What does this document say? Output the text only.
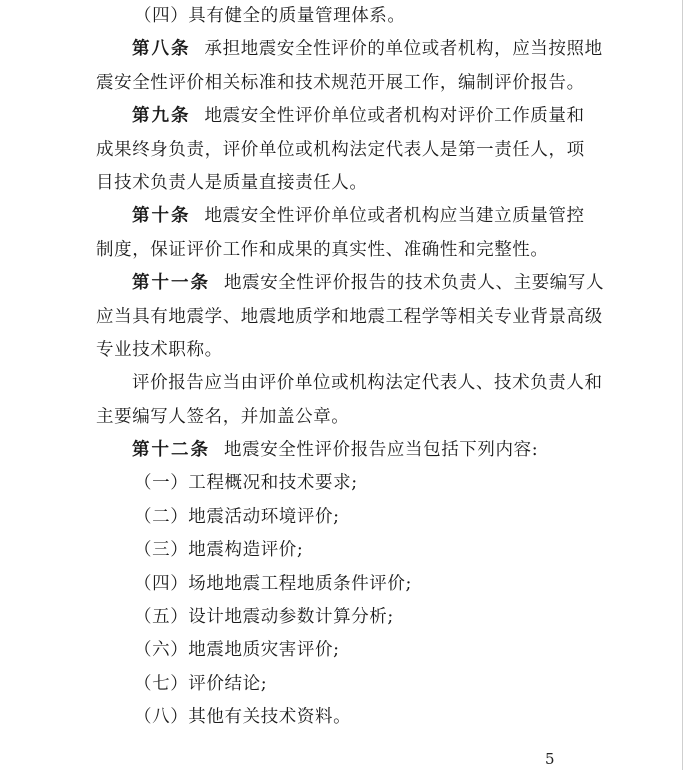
（四）具有健全的质量管理体系。
第八条 承担地震安全性评价的单位或者机构，应当按照地
震安全性评价相关标准和技术规范开展工作，编制评价报告。
第九条 地震安全性评价单位或者机构对评价工作质量和
成果终身负责，评价单位或机构法定代表人是第一责任人，项
目技术负责人是质量直接责任人。
第十条 地震安全性评价单位或者机构应当建立质量管控
制度，保证评价工作和成果的真实性、准确性和完整性。
第十一条 地震安全性评价报告的技术负责人、主要编写人
应当具有地震学、地震地质学和地震工程学等相关专业背景高级
专业技术职称。
评价报告应当由评价单位或机构法定代表人、技术负责人和
主要编写人签名，并加盖公章。
第十二条 地震安全性评价报告应当包括下列内容:
（一）工程概况和技术要求;
（二）地震活动环境评价;
（三）地震构造评价;
（四）场地地震工程地质条件评价;
（五）设计地震动参数计算分析;
（六）地震地质灾害评价;
（七）评价结论;
（八）其他有关技术资料。
5
